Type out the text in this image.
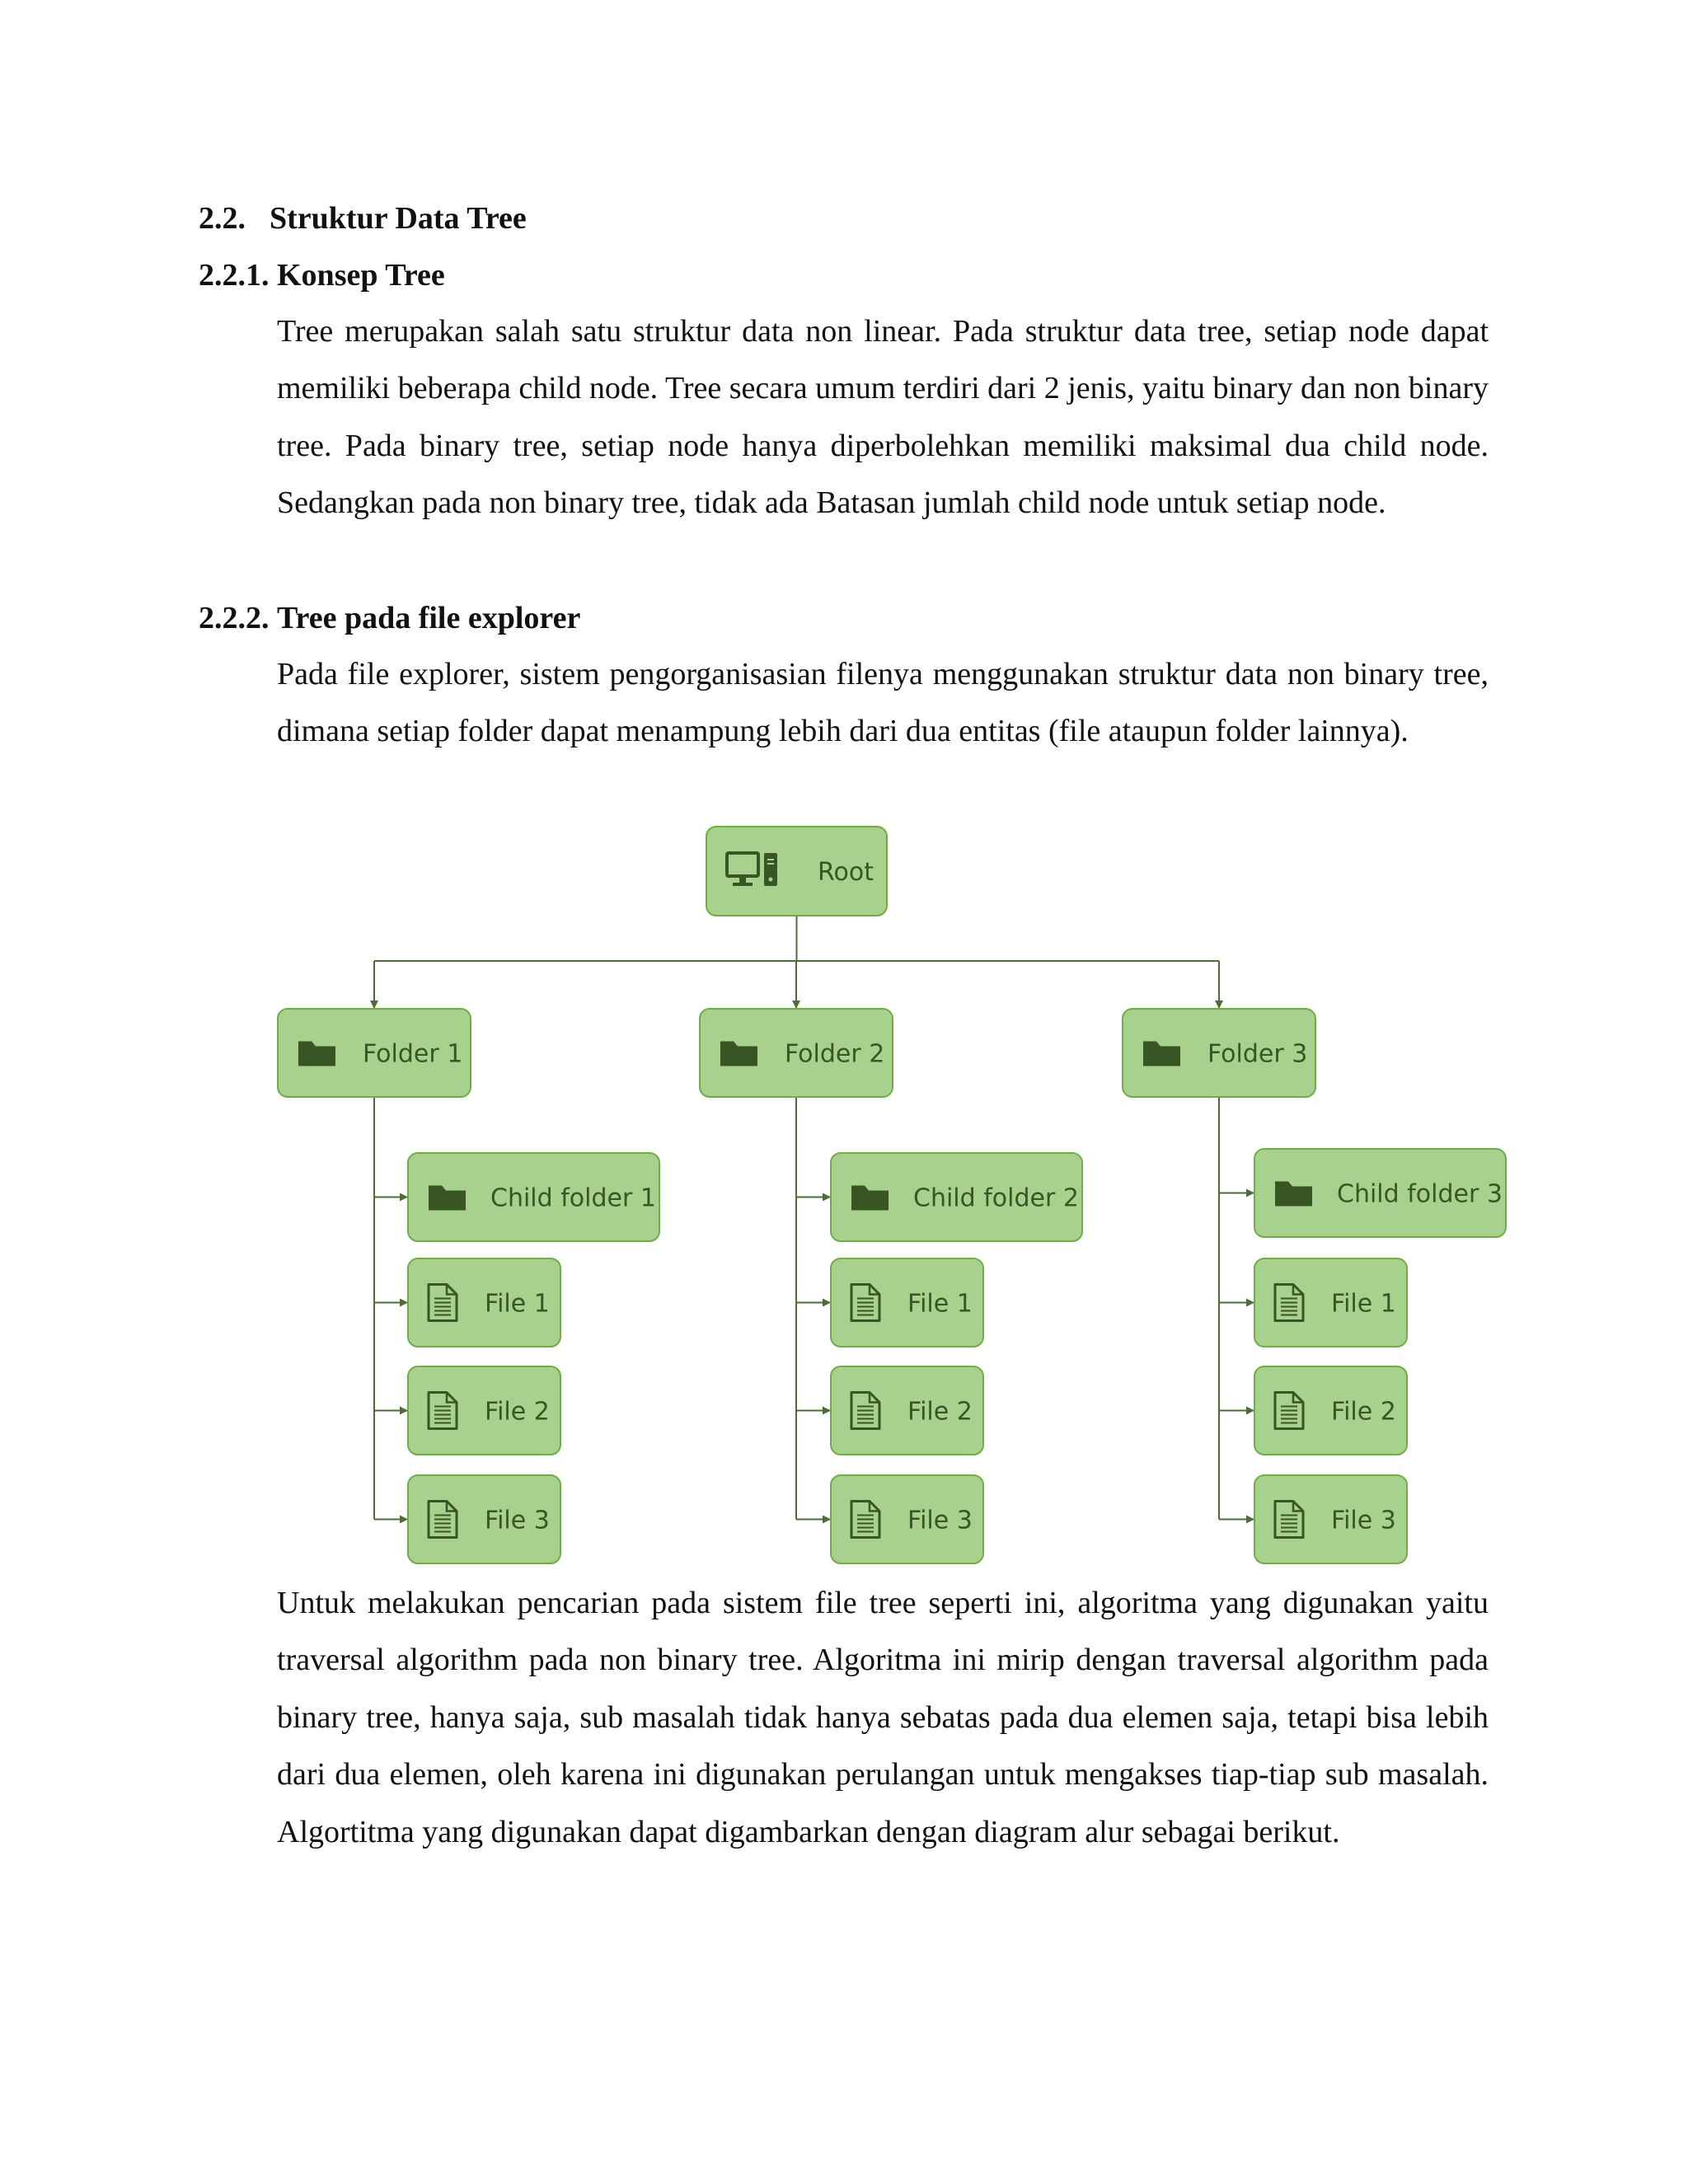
2.2. Struktur Data Tree
2.2.1. Konsep Tree

Tree merupakan salah satu struktur data non linear. Pada struktur data tree, setiap node dapat memiliki beberapa child node. Tree secara umum terdiri dari 2 jenis, yaitu binary dan non binary tree. Pada binary tree, setiap node hanya diperbolehkan memiliki maksimal dua child node. Sedangkan pada non binary tree, tidak ada Batasan jumlah child node untuk setiap node.

2.2.2. Tree pada file explorer

Pada file explorer, sistem pengorganisasian filenya menggunakan struktur data non binary tree, dimana setiap folder dapat menampung lebih dari dua entitas (file ataupun folder lainnya).

Root
Folder 1
Child folder 1
File 1
File 2
File 3
Folder 2
Child folder 2
File 1
File 2
File 3
Folder 3
Child folder 3
File 1
File 2
File 3

Untuk melakukan pencarian pada sistem file tree seperti ini, algoritma yang digunakan yaitu traversal algorithm pada non binary tree. Algoritma ini mirip dengan traversal algorithm pada binary tree, hanya saja, sub masalah tidak hanya sebatas pada dua elemen saja, tetapi bisa lebih dari dua elemen, oleh karena ini digunakan perulangan untuk mengakses tiap-tiap sub masalah. Algortitma yang digunakan dapat digambarkan dengan diagram alur sebagai berikut.
